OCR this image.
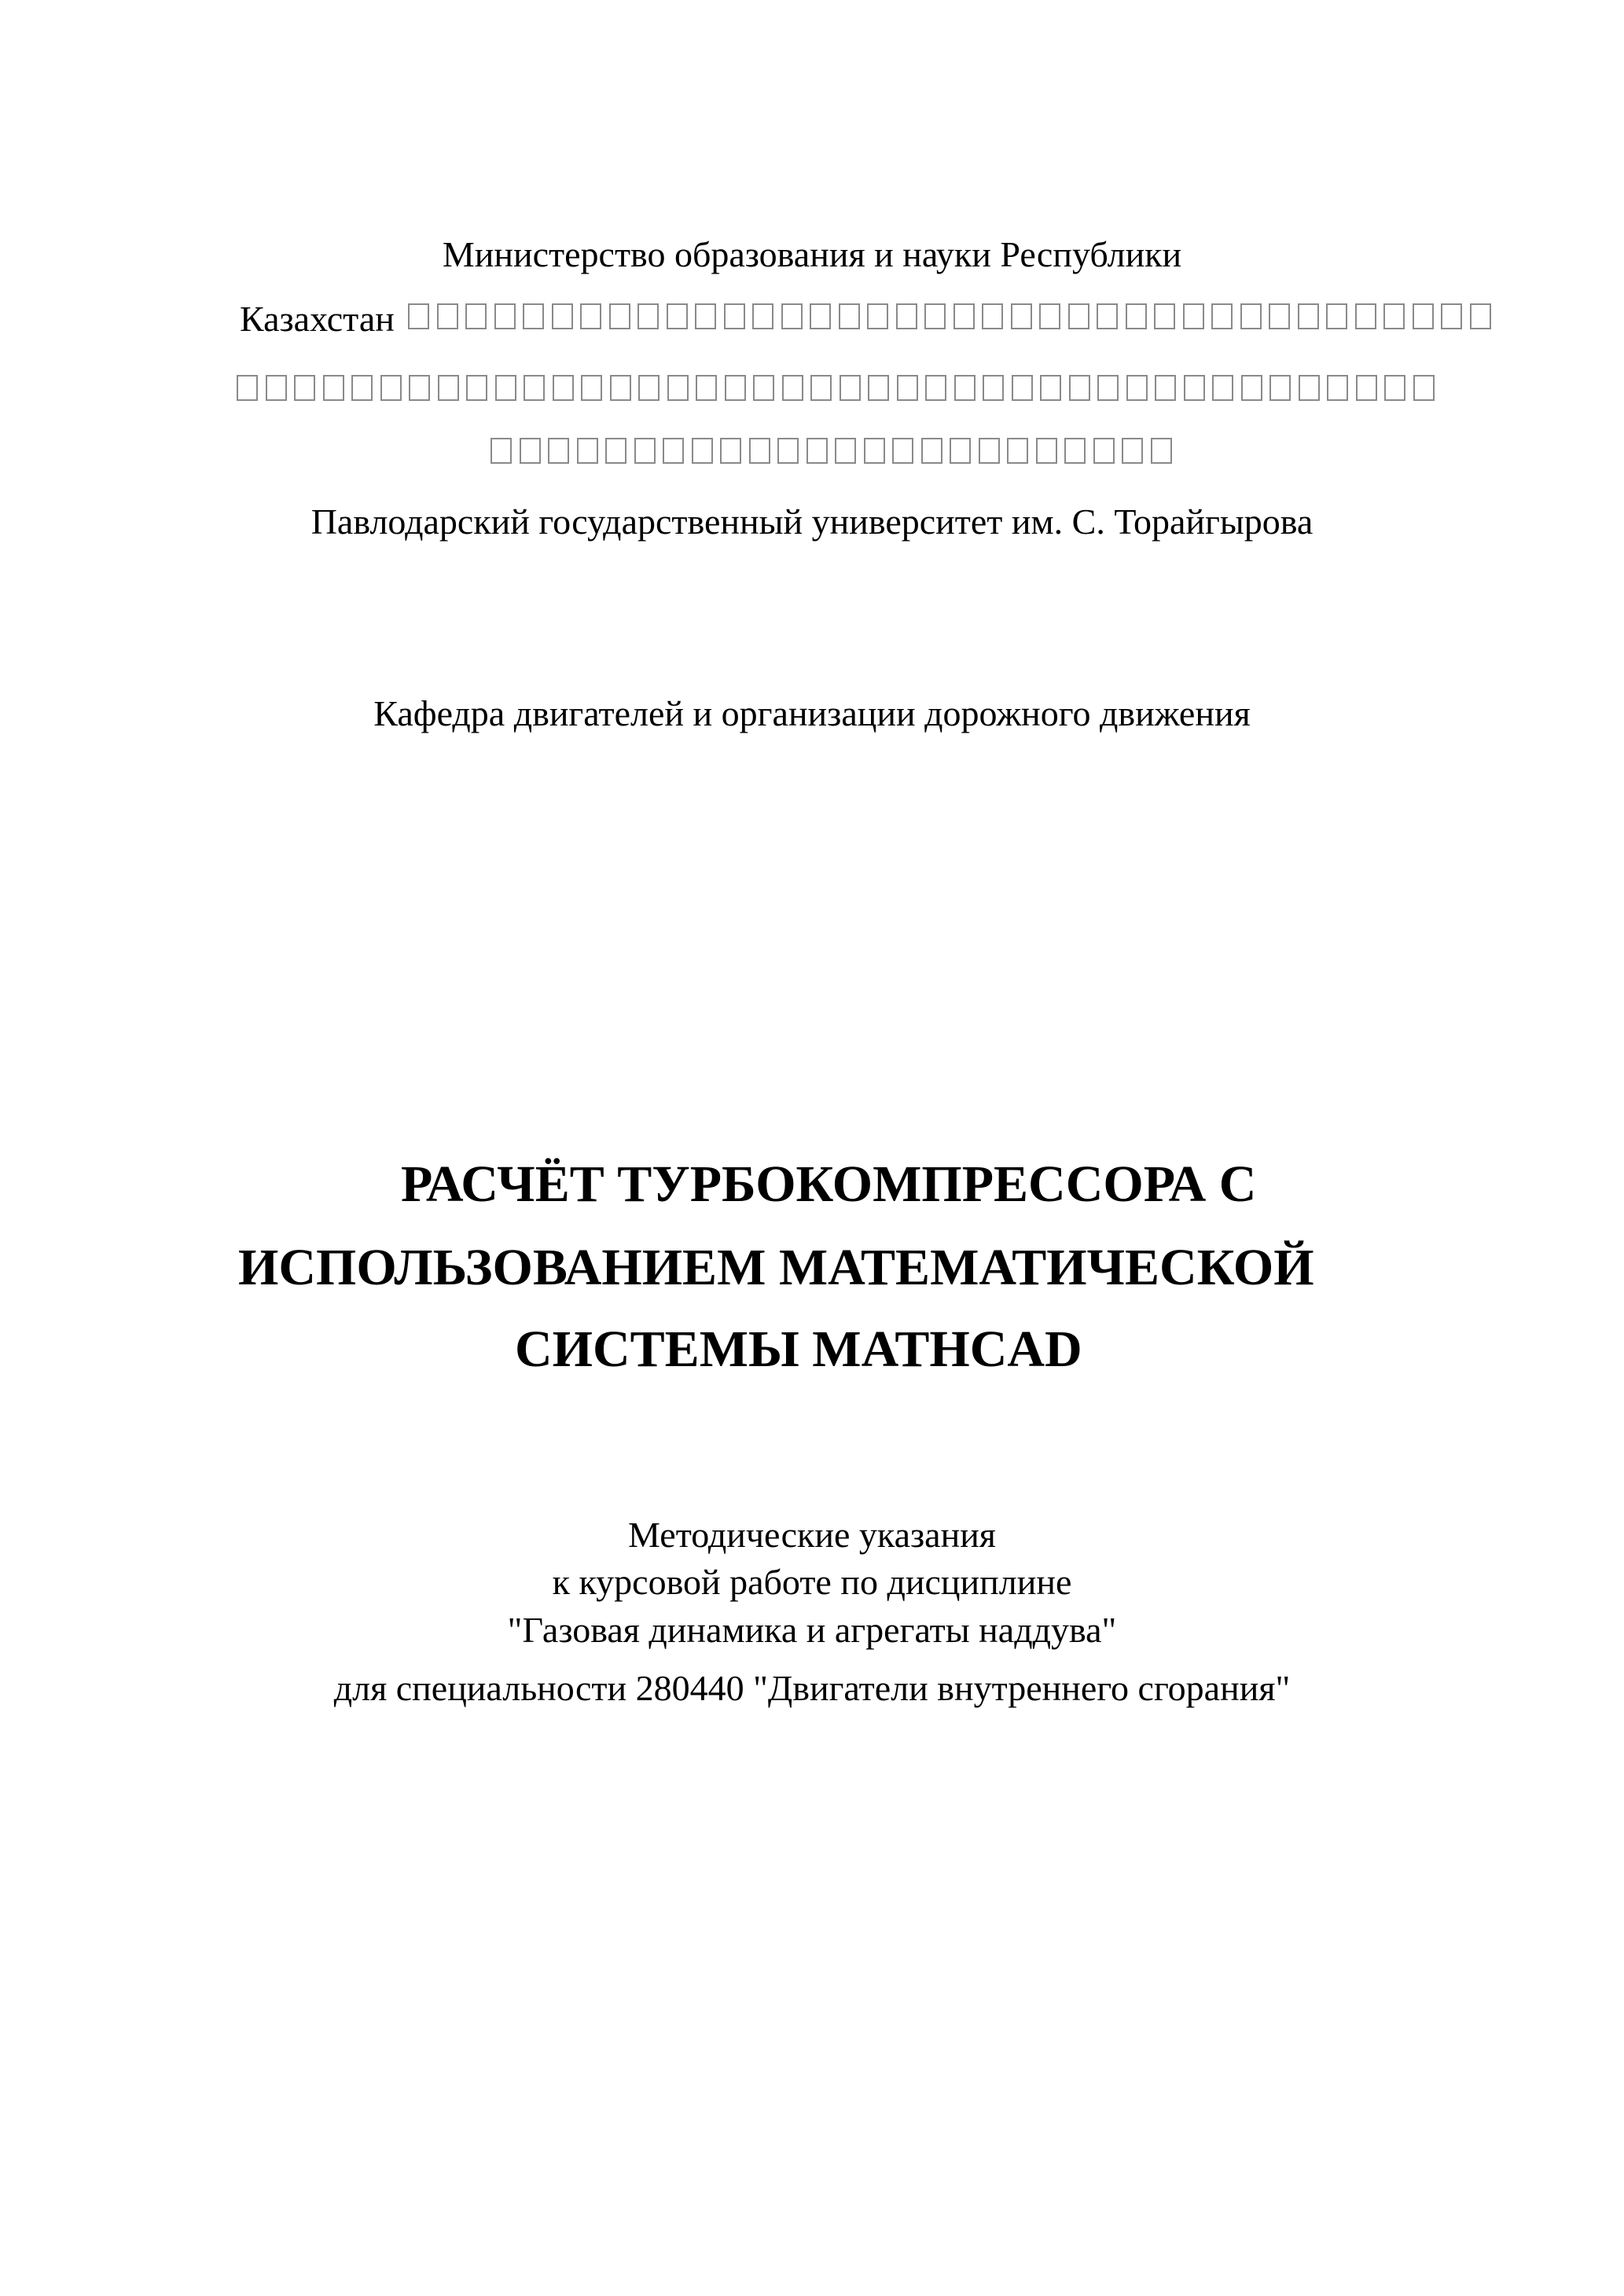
Министерство образования и науки Республики
Казахстан
Павлодарский государственный университет им. С. Торайгырова
Кафедра двигателей и организации дорожного движения
РАСЧЁТ ТУРБОКОМПРЕССОРА С
ИСПОЛЬЗОВАНИЕМ МАТЕМАТИЧЕСКОЙ
СИСТЕМЫ MATHCAD
Методические указания
к курсовой работе по дисциплине
"Газовая динамика и агрегаты наддува"
для специальности 280440 "Двигатели внутреннего сгорания"
